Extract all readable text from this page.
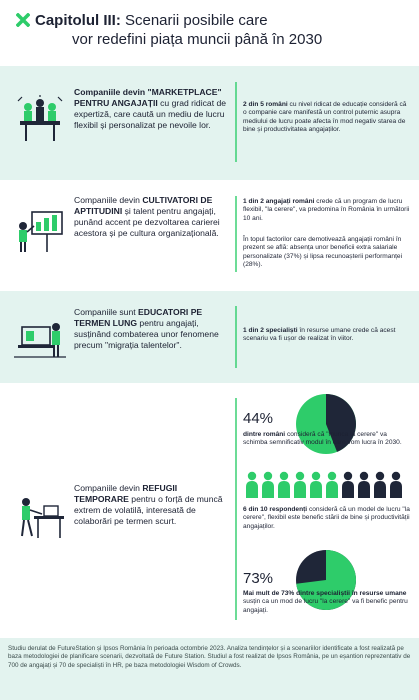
Capitolul III: Scenarii posibile care
vor redefini piața muncii până în 2030
Companiile devin "MARKETPLACE" PENTRU ANGAJAȚII cu grad ridicat de expertiză, care caută un mediu de lucru flexibil și personalizat pe nevoile lor.
2 din 5 români cu nivel ridicat de educație consideră că o companie care manifestă un control puternic asupra mediului de lucru poate afecta în mod negativ starea de bine și productivitatea angajaților.
Companiile devin CULTIVATORI DE APTITUDINI și talent pentru angajați, punând accent pe dezvoltarea carierei acestora și pe cultura organizațională.
1 din 2 angajați români crede că un program de lucru flexibil, "la cerere", va predomina în România în următorii 10 ani.
În topul factorilor care demotivează angajații români în prezent se află: absența unor beneficii extra salariale personalizate (37%) și lipsa recunoașterii performanței (28%).
Companiile sunt EDUCATORI PE TERMEN LUNG pentru angajați, susținând combaterea unor fenomene precum "migrația talentelor".
1 din 2 specialiști în resurse umane crede că acest scenariu va fi ușor de realizat în viitor.
Companiile devin REFUGII TEMPORARE pentru o forță de muncă extrem de volatilă, interesată de colaborări pe termen scurt.
44%
dintre români consideră că "munca la cerere" va schimba semnificativ modul în care vom lucra în 2030.
6 din 10 respondenți consideră că un model de lucru "la cerere", flexibil este benefic stării de bine și productivității angajaților.
73%
Mai mult de 73% dintre specialiștii în resurse umane susțin ca un mod de lucru "la cerere" va fi benefic pentru angajați.
Studiu derulat de FutureStation și Ipsos România în perioada octombrie 2023. Analiza tendințelor și a scenariilor identificate a fost realizată pe baza metodologiei de planificare scenarii, dezvoltată de Future Station. Studiul a fost realizat de Ipsos România, pe un eșantion reprezentativ de 700 de angajați și 70 de specialiști în HR, pe baza metodologiei Wisdom of Crowds.
